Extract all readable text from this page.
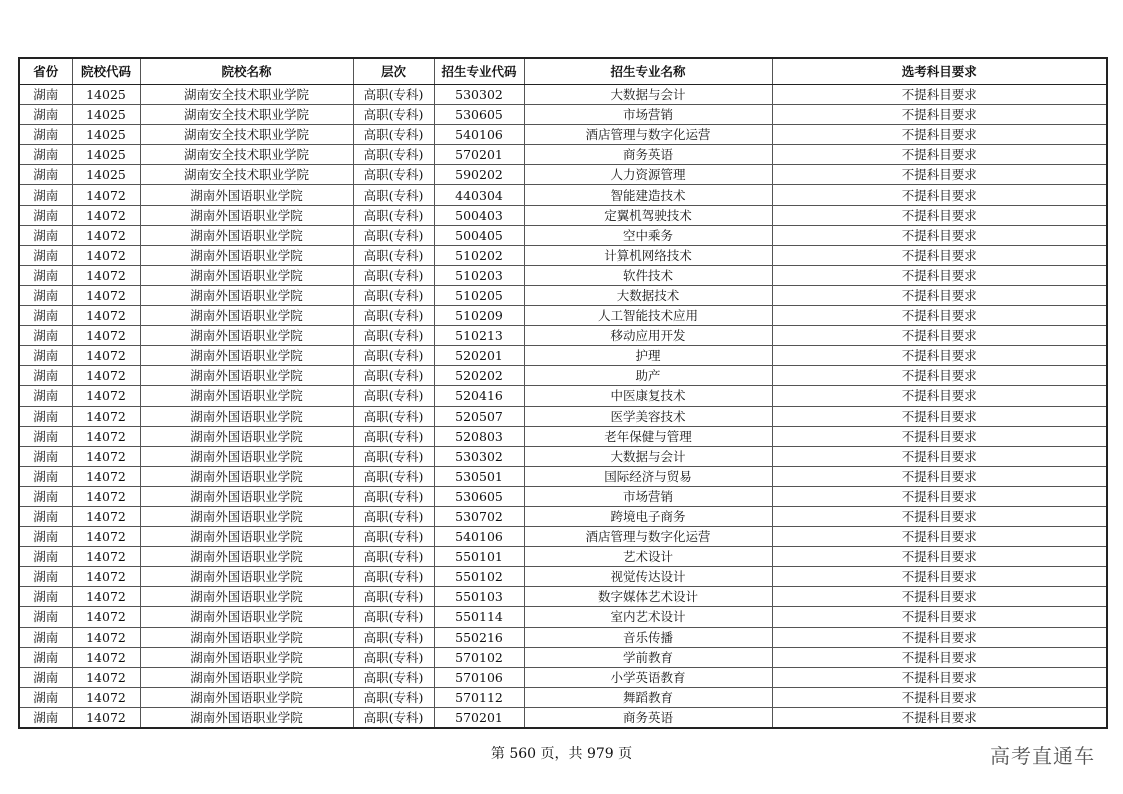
省份	院校代码	院校名称	层次	招生专业代码	招生专业名称	选考科目要求
湖南	14025	湖南安全技术职业学院	高职(专科)	530302	大数据与会计	不提科目要求
湖南	14025	湖南安全技术职业学院	高职(专科)	530605	市场营销	不提科目要求
湖南	14025	湖南安全技术职业学院	高职(专科)	540106	酒店管理与数字化运营	不提科目要求
湖南	14025	湖南安全技术职业学院	高职(专科)	570201	商务英语	不提科目要求
湖南	14025	湖南安全技术职业学院	高职(专科)	590202	人力资源管理	不提科目要求
湖南	14072	湖南外国语职业学院	高职(专科)	440304	智能建造技术	不提科目要求
湖南	14072	湖南外国语职业学院	高职(专科)	500403	定翼机驾驶技术	不提科目要求
湖南	14072	湖南外国语职业学院	高职(专科)	500405	空中乘务	不提科目要求
湖南	14072	湖南外国语职业学院	高职(专科)	510202	计算机网络技术	不提科目要求
湖南	14072	湖南外国语职业学院	高职(专科)	510203	软件技术	不提科目要求
湖南	14072	湖南外国语职业学院	高职(专科)	510205	大数据技术	不提科目要求
湖南	14072	湖南外国语职业学院	高职(专科)	510209	人工智能技术应用	不提科目要求
湖南	14072	湖南外国语职业学院	高职(专科)	510213	移动应用开发	不提科目要求
湖南	14072	湖南外国语职业学院	高职(专科)	520201	护理	不提科目要求
湖南	14072	湖南外国语职业学院	高职(专科)	520202	助产	不提科目要求
湖南	14072	湖南外国语职业学院	高职(专科)	520416	中医康复技术	不提科目要求
湖南	14072	湖南外国语职业学院	高职(专科)	520507	医学美容技术	不提科目要求
湖南	14072	湖南外国语职业学院	高职(专科)	520803	老年保健与管理	不提科目要求
湖南	14072	湖南外国语职业学院	高职(专科)	530302	大数据与会计	不提科目要求
湖南	14072	湖南外国语职业学院	高职(专科)	530501	国际经济与贸易	不提科目要求
湖南	14072	湖南外国语职业学院	高职(专科)	530605	市场营销	不提科目要求
湖南	14072	湖南外国语职业学院	高职(专科)	530702	跨境电子商务	不提科目要求
湖南	14072	湖南外国语职业学院	高职(专科)	540106	酒店管理与数字化运营	不提科目要求
湖南	14072	湖南外国语职业学院	高职(专科)	550101	艺术设计	不提科目要求
湖南	14072	湖南外国语职业学院	高职(专科)	550102	视觉传达设计	不提科目要求
湖南	14072	湖南外国语职业学院	高职(专科)	550103	数字媒体艺术设计	不提科目要求
湖南	14072	湖南外国语职业学院	高职(专科)	550114	室内艺术设计	不提科目要求
湖南	14072	湖南外国语职业学院	高职(专科)	550216	音乐传播	不提科目要求
湖南	14072	湖南外国语职业学院	高职(专科)	570102	学前教育	不提科目要求
湖南	14072	湖南外国语职业学院	高职(专科)	570106	小学英语教育	不提科目要求
湖南	14072	湖南外国语职业学院	高职(专科)	570112	舞蹈教育	不提科目要求
湖南	14072	湖南外国语职业学院	高职(专科)	570201	商务英语	不提科目要求
第 560 页，共 979 页	高考直通车
